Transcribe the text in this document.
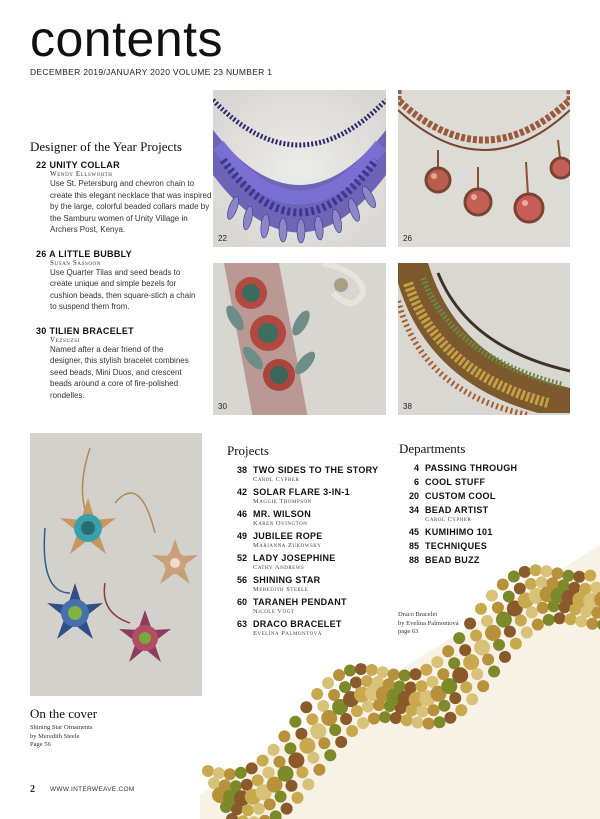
contents
DECEMBER 2019/JANUARY 2020 VOLUME 23 NUMBER 1
Designer of the Year Projects
22 UNITY COLLAR
Wendy Ellsworth
Use St. Petersburg and chevron chain to create this elegant necklace that was inspired by the large, colorful beaded collars made by the Samburu women of Unity Village in Archers Post, Kenya.
26 A LITTLE BUBBLY
Susan Sassoon
Use Quarter Tilas and seed beads to create unique and simple bezels for cushion beads, then square-stich a chain to suspend them from.
30 TILIEN BRACELET
Vezsuzsi
Named after a dear friend of the designer, this stylish bracelet combines seed beads, Mini Duos, and crescent beads around a core of fire-polished rondelles.
22	26
30	38
Projects
38 TWO SIDES TO THE STORY
Carol Cypher
42 SOLAR FLARE 3-IN-1
Maggie Thompson
46 MR. WILSON
Karen Ovington
49 JUBILEE ROPE
Marianna Zukowsky
52 LADY JOSEPHINE
Cathy Andrews
56 SHINING STAR
Meredith Steele
60 TARANEH PENDANT
Nicole Vogt
63 DRACO BRACELET
Evelína Palmontová
Departments
4 PASSING THROUGH
6 COOL STUFF
20 CUSTOM COOL
34 BEAD ARTIST
Carol Cypher
45 KUMIHIMO 101
85 TECHNIQUES
88 BEAD BUZZ
Draco Bracelet
by Evelína Palmontová
page 63
On the cover
Shining Star Ornaments
by Meredith Steele
Page 56
2 WWW.INTERWEAVE.COM
